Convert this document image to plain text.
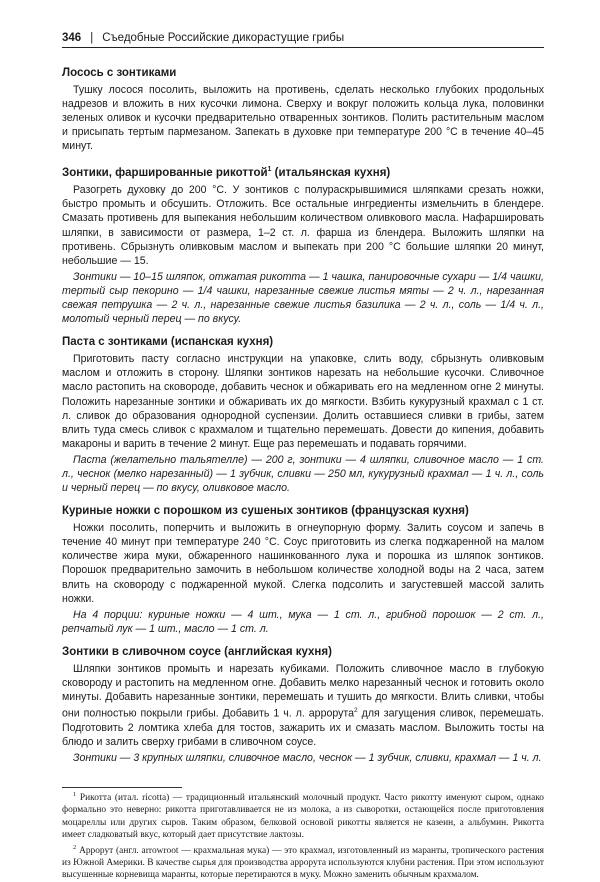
346 | Съедобные Российские дикорастущие грибы
Лосось с зонтиками

Тушку лосося посолить, выложить на противень, сделать несколько глубоких продольных надрезов и вложить в них кусочки лимона. Сверху и вокруг положить кольца лука, половинки зеленых оливок и кусочки предварительно отваренных зонтиков. Полить растительным маслом и присыпать тертым пармезаном. Запекать в духовке при температуре 200 °С в течение 40–45 минут.

Зонтики, фаршированные рикоттой$^1$ (итальянская кухня)

Разогреть духовку до 200 °С. У зонтиков с полураскрывшимися шляпками срезать ножки, быстро промыть и обсушить. Отложить. Все остальные ингредиенты измельчить в блендере. Смазать противень для выпекания небольшим количеством оливкового масла. Нафаршировать шляпки, в зависимости от размера, 1–2 ст. л. фарша из блендера. Выложить шляпки на противень. Сбрызнуть оливковым маслом и выпекать при 200 °С большие шляпки 20 минут, небольшие — 15.

Зонтики — 10–15 шляпок, отжатая рикотта — 1 чашка, панировочные сухари — 1/4 чашки, тертый сыр пекорино — 1/4 чашки, нарезанные свежие листья мяты — 2 ч. л., нарезанная свежая петрушка — 2 ч. л., нарезанные свежие листья базилика — 2 ч. л., соль — 1/4 ч. л., молотый черный перец — по вкусу.

Паста с зонтиками (испанская кухня)

Приготовить пасту согласно инструкции на упаковке, слить воду, сбрызнуть оливковым маслом и отложить в сторону. Шляпки зонтиков нарезать на небольшие кусочки. Сливочное масло растопить на сковороде, добавить чеснок и обжаривать его на медленном огне 2 минуты. Положить нарезанные зонтики и обжаривать их до мягкости. Взбить кукурузный крахмал с 1 ст. л. сливок до образования однородной суспензии. Долить оставшиеся сливки в грибы, затем влить туда смесь сливок с крахмалом и тщательно перемешать. Довести до кипения, добавить макароны и варить в течение 2 минут. Еще раз перемешать и подавать горячими.

Паста (желательно тальятелле) — 200 г, зонтики — 4 шляпки, сливочное масло — 1 ст. л., чеснок (мелко нарезанный) — 1 зубчик, сливки — 250 мл, кукурузный крахмал — 1 ч. л., соль и черный перец — по вкусу, оливковое масло.

Куриные ножки с порошком из сушеных зонтиков (французская кухня)

Ножки посолить, поперчить и выложить в огнеупорную форму. Залить соусом и запечь в течение 40 минут при температуре 240 °С. Соус приготовить из слегка поджаренной на малом количестве жира муки, обжаренного нашинкованного лука и порошка из шляпок зонтиков. Порошок предварительно замочить в небольшом количестве холодной воды на 2 часа, затем влить на сковороду с поджаренной мукой. Слегка подсолить и загустевшей массой залить ножки.

На 4 порции: куриные ножки — 4 шт., мука — 1 ст. л., грибной порошок — 2 ст. л., репчатый лук — 1 шт., масло — 1 ст. л.

Зонтики в сливочном соусе (английская кухня)

Шляпки зонтиков промыть и нарезать кубиками. Положить сливочное масло в глубокую сковороду и растопить на медленном огне. Добавить мелко нарезанный чеснок и готовить около минуты. Добавить нарезанные зонтики, перемешать и тушить до мягкости. Влить сливки, чтобы они полностью покрыли грибы. Добавить 1 ч. л. аррорута$^2$ для загущения сливок, перемешать. Подготовить 2 ломтика хлеба для тостов, зажарить их и смазать маслом. Выложить тосты на блюдо и залить сверху грибами в сливочном соусе.

Зонтики — 3 крупных шляпки, сливочное масло, чеснок — 1 зубчик, сливки, крахмал — 1 ч. л.

$^1$ Рикотта (итал. ricotta) — традиционный итальянский молочный продукт. Часто рикотту именуют сыром, однако формально это неверно: рикотта приготавливается не из молока, а из сыворотки, остающейся после приготовления моцареллы или других сыров. Таким образом, белковой основой рикотты является не казеин, а альбумин. Рикотта имеет сладковатый вкус, который дает присутствие лактозы.

$^2$ Аррорут (англ. arrowroot — крахмальная мука) — это крахмал, изготовленный из маранты, тропического растения из Южной Америки. В качестве сырья для производства аррорута используются клубни растения. При этом используют высушенные корневища маранты, которые перетираются в муку. Можно заменить обычным крахмалом.
